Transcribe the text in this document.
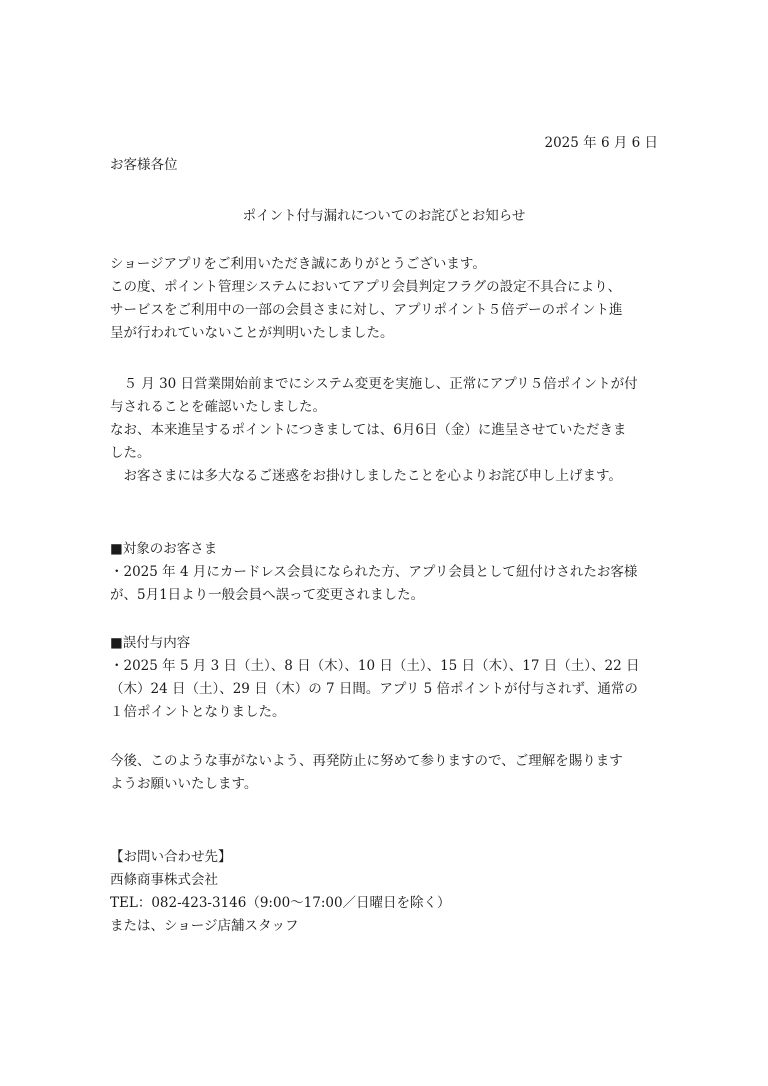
2025 年 6 月 6 日
お客様各位
ポイント付与漏れについてのお詫びとお知らせ

ショージアプリをご利用いただき誠にありがとうございます。

この度、ポイント管理システムにおいてアプリ会員判定フラグの設定不具合により、

サービスをご利用中の一部の会員さまに対し、アプリポイント５倍デーのポイント進

呈が行われていないことが判明いたしました。

　５ 月 30 日営業開始前までにシステム変更を実施し、正常にアプリ５倍ポイントが付

与されることを確認いたしました。

なお、本来進呈するポイントにつきましては、6月6日（金）に進呈させていただきま

した。

　お客さまには多大なるご迷惑をお掛けしましたことを心よりお詫び申し上げます。

■対象のお客さま

・2025 年 4 月にカードレス会員になられた方、アプリ会員として紐付けされたお客様

が、5月1日より一般会員へ誤って変更されました。

■誤付与内容

・2025 年 5 月 3 日（土）、8 日（木）、10 日（土）、15 日（木）、17 日（土）、22 日

（木）24 日（土）、29 日（木）の 7 日間。アプリ 5 倍ポイントが付与されず、通常の

１倍ポイントとなりました。

今後、このような事がないよう、再発防止に努めて参りますので、ご理解を賜ります

ようお願いいたします。

【お問い合わせ先】

西條商事株式会社

TEL：082-423-3146（9:00～17:00／日曜日を除く）

または、ショージ店舗スタッフ
